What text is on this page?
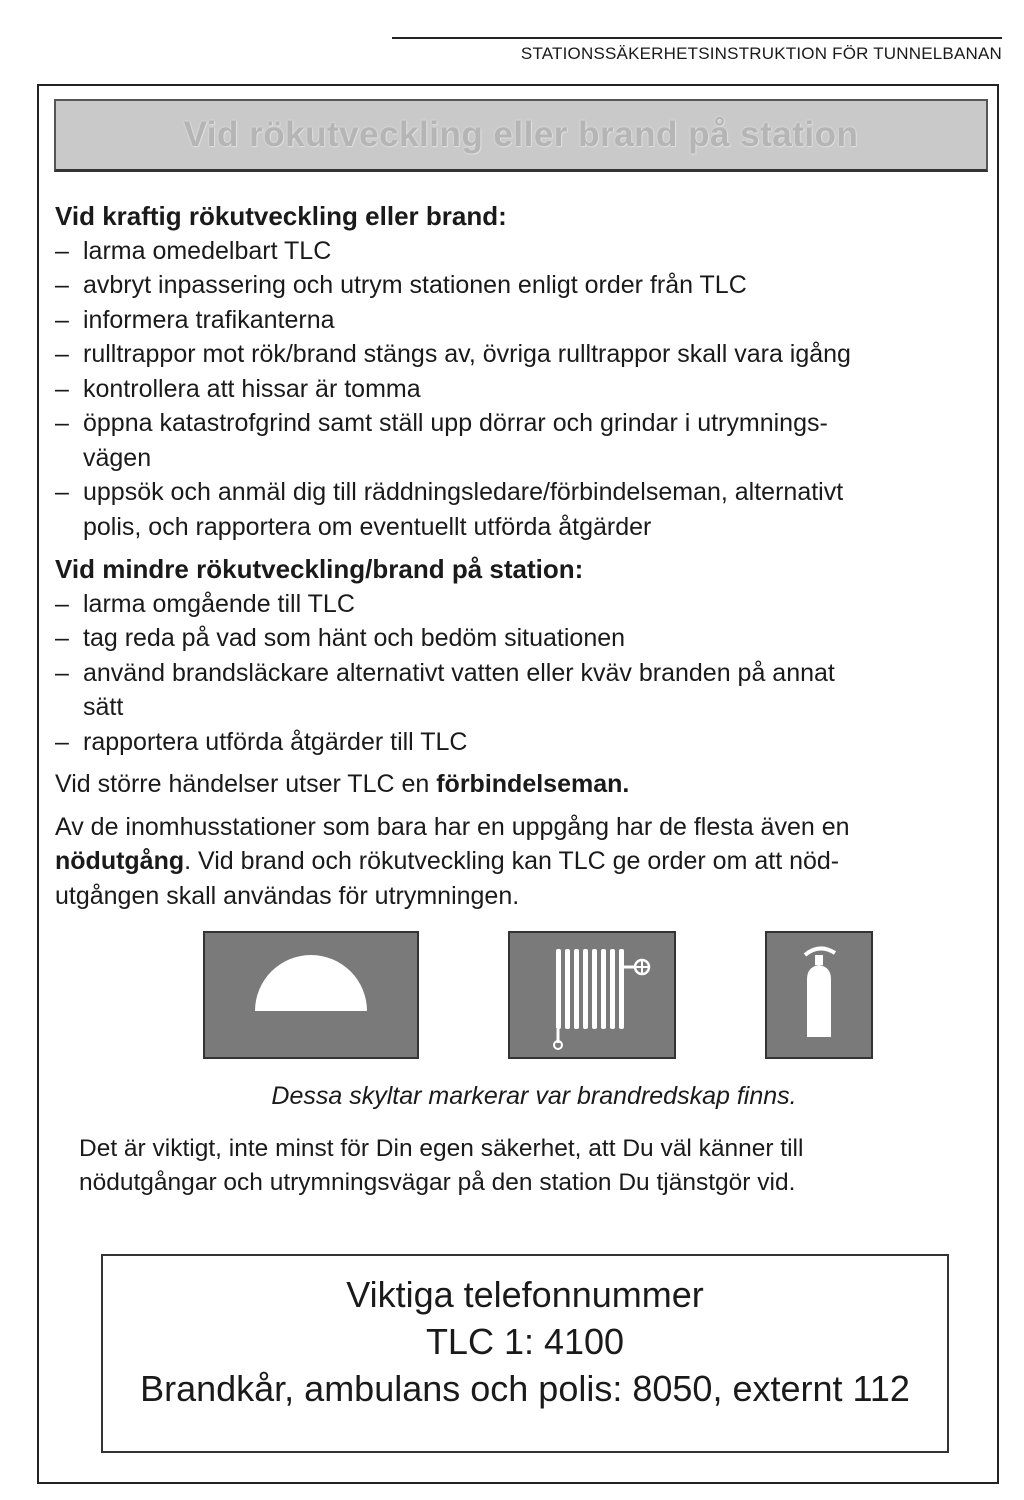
STATIONSSÄKERHETSINSTRUKTION FÖR TUNNELBANAN
Vid rökutveckling eller brand på station

Vid kraftig rökutveckling eller brand:

– larma omedelbart TLC
– avbryt inpassering och utrym stationen enligt order från TLC
– informera trafikanterna
– rulltrappor mot rök/brand stängs av, övriga rulltrappor skall vara igång
– kontrollera att hissar är tomma
– öppna katastrofgrind samt ställ upp dörrar och grindar i utrymnings-
vägen
– uppsök och anmäl dig till räddningsledare/förbindelseman, alternativt
polis, och rapportera om eventuellt utförda åtgärder

Vid mindre rökutveckling/brand på station:

– larma omgående till TLC
– tag reda på vad som hänt och bedöm situationen
– använd brandsläckare alternativt vatten eller kväv branden på annat
sätt
– rapportera utförda åtgärder till TLC

Vid större händelser utser TLC en förbindelseman.

Av de inomhusstationer som bara har en uppgång har de flesta även en
nödutgång. Vid brand och rökutveckling kan TLC ge order om att nöd-
utgången skall användas för utrymningen.

Dessa skyltar markerar var brandredskap finns.

Det är viktigt, inte minst för Din egen säkerhet, att Du väl känner till
nödutgångar och utrymningsvägar på den station Du tjänstgör vid.

Viktiga telefonnummer
TLC 1: 4100
Brandkår, ambulans och polis: 8050, externt 112
